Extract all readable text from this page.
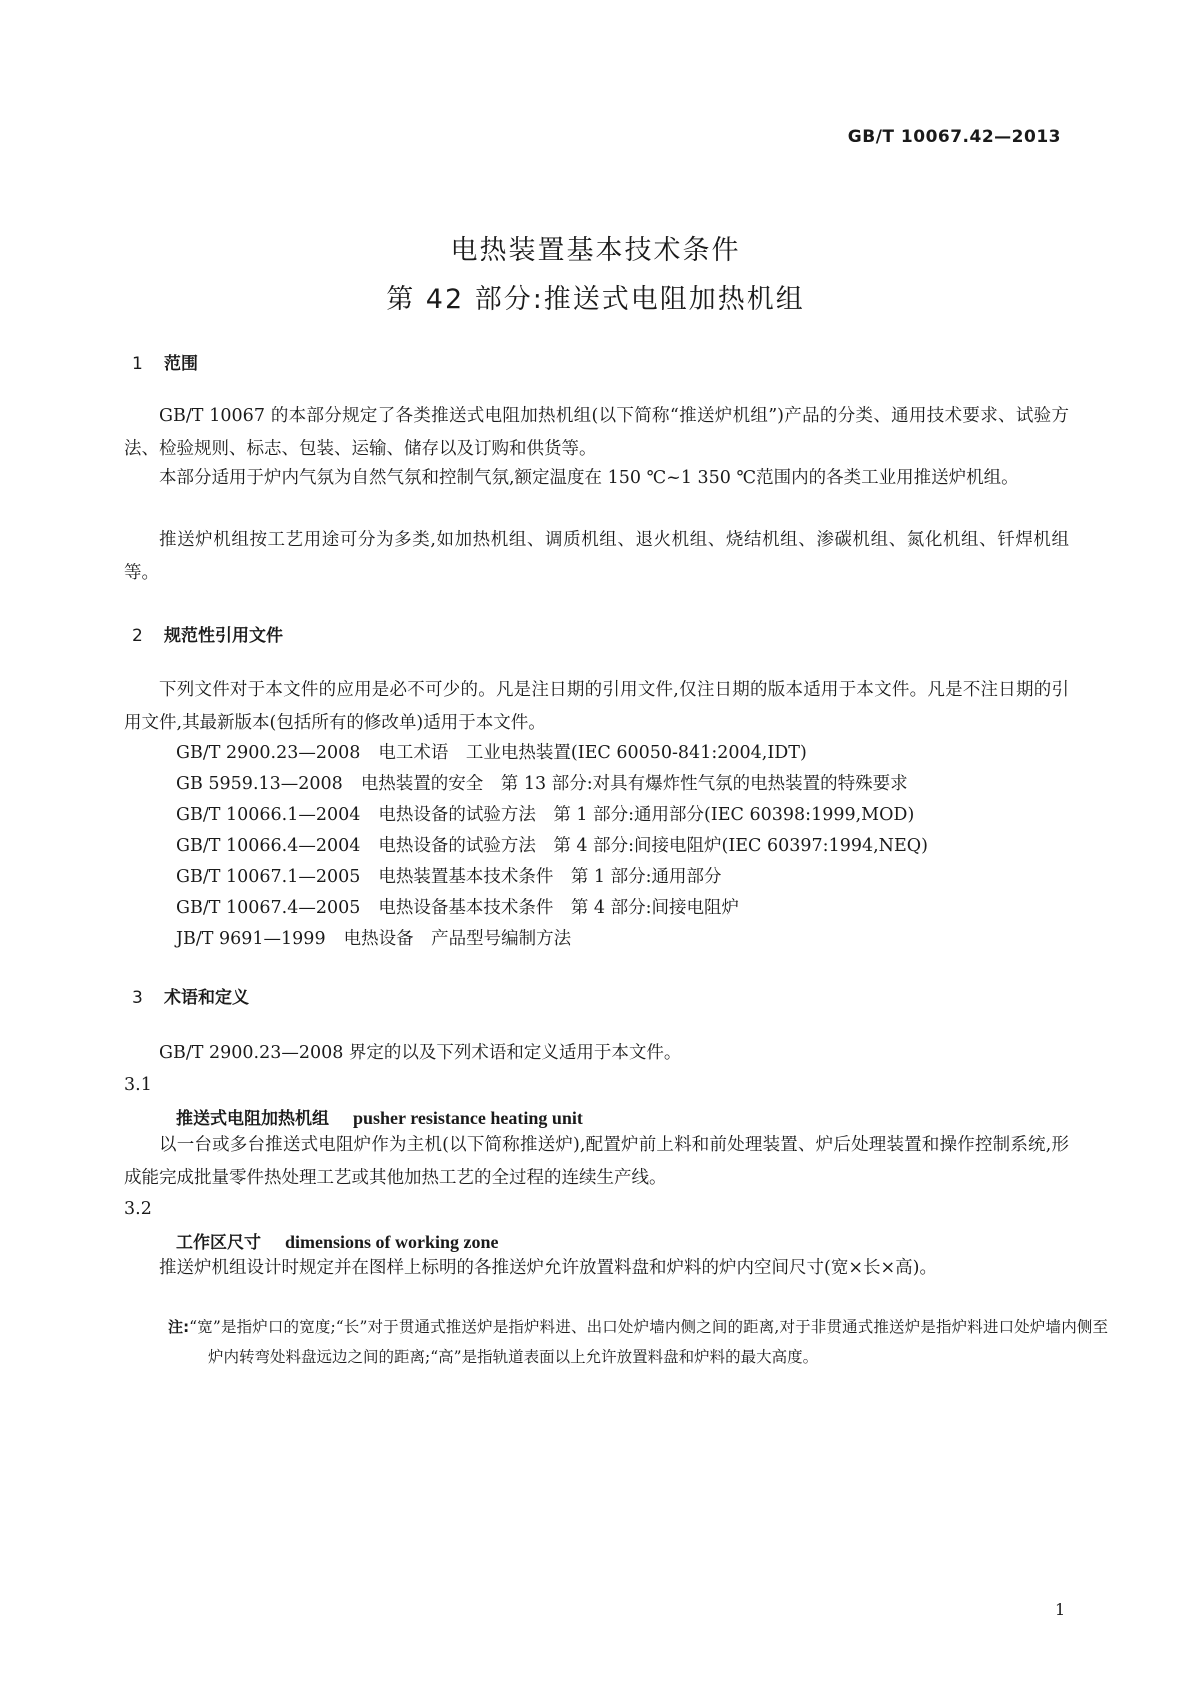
GB/T 10067.42—2013
电热装置基本技术条件
第 42 部分:推送式电阻加热机组
1 范围

GB/T 10067 的本部分规定了各类推送式电阻加热机组(以下简称“推送炉机组”)产品的分类、通用技术要求、试验方法、检验规则、标志、包装、运输、储存以及订购和供货等。

本部分适用于炉内气氛为自然气氛和控制气氛,额定温度在 150 ℃~1 350 ℃范围内的各类工业用推送炉机组。

推送炉机组按工艺用途可分为多类,如加热机组、调质机组、退火机组、烧结机组、渗碳机组、氮化机组、钎焊机组等。

2 规范性引用文件

下列文件对于本文件的应用是必不可少的。凡是注日期的引用文件,仅注日期的版本适用于本文件。凡是不注日期的引用文件,其最新版本(包括所有的修改单)适用于本文件。

GB/T 2900.23—2008 电工术语　工业电热装置(IEC 60050-841:2004,IDT)
GB 5959.13—2008 电热装置的安全　第 13 部分:对具有爆炸性气氛的电热装置的特殊要求
GB/T 10066.1—2004 电热设备的试验方法　第 1 部分:通用部分(IEC 60398:1999,MOD)
GB/T 10066.4—2004 电热设备的试验方法　第 4 部分:间接电阻炉(IEC 60397:1994,NEQ)
GB/T 10067.1—2005 电热装置基本技术条件　第 1 部分:通用部分
GB/T 10067.4—2005 电热设备基本技术条件　第 4 部分:间接电阻炉
JB/T 9691—1999 电热设备　产品型号编制方法
3 术语和定义

GB/T 2900.23—2008 界定的以及下列术语和定义适用于本文件。

3.1
推送式电阻加热机组 pusher resistance heating unit

以一台或多台推送式电阻炉作为主机(以下简称推送炉),配置炉前上料和前处理装置、炉后处理装置和操作控制系统,形成能完成批量零件热处理工艺或其他加热工艺的全过程的连续生产线。

3.2
工作区尺寸 dimensions of working zone

推送炉机组设计时规定并在图样上标明的各推送炉允许放置料盘和炉料的炉内空间尺寸(宽×长×高)。

注:“宽”是指炉口的宽度;“长”对于贯通式推送炉是指炉料进、出口处炉墙内侧之间的距离,对于非贯通式推送炉是指炉料进口处炉墙内侧至炉内转弯处料盘远边之间的距离;“高”是指轨道表面以上允许放置料盘和炉料的最大高度。

1
